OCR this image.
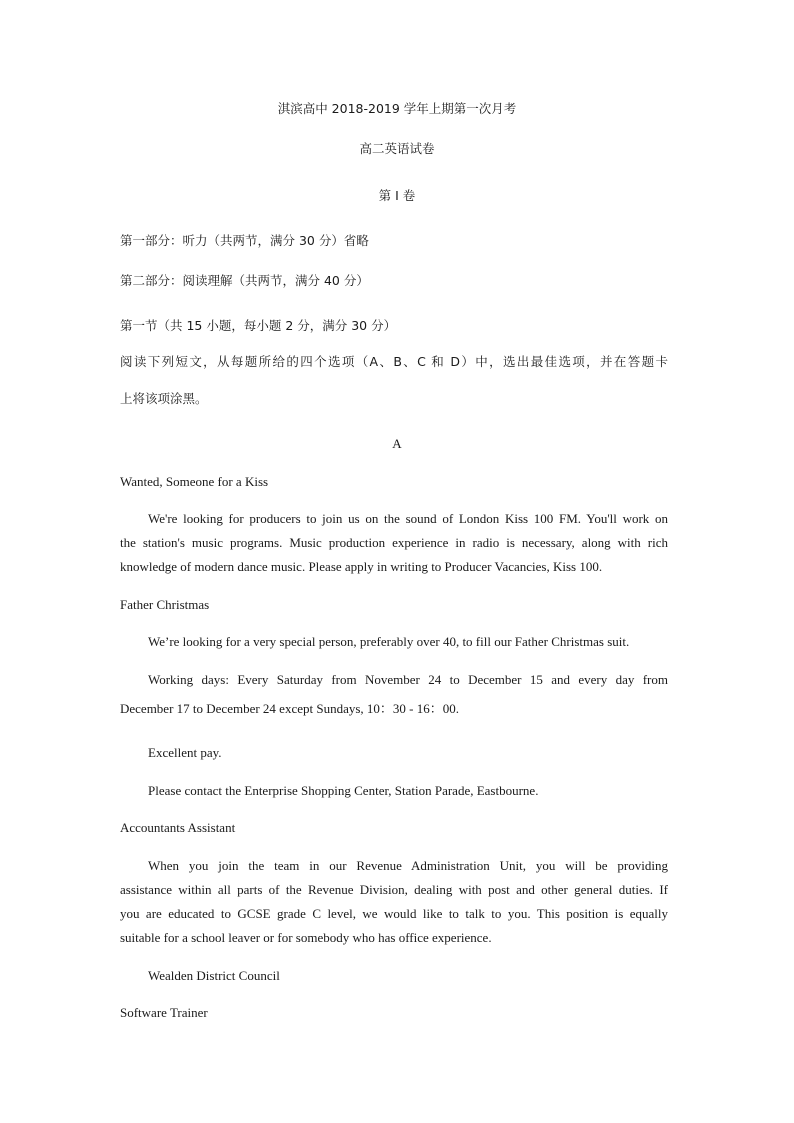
淇滨高中 2018-2019 学年上期第一次月考
高二英语试卷
第 Ⅰ 卷
第一部分：听力（共两节，满分 30 分）省略
第二部分：阅读理解（共两节，满分 40 分）
第一节（共 15 小题，每小题 2 分，满分 30 分）
阅读下列短文，从每题所给的四个选项（A、B、C 和 D）中，选出最佳选项，并在答题卡
上将该项涂黑。
A
Wanted, Someone for a Kiss
We're looking for producers to join us on the sound of London Kiss 100 FM. You'll work on
the station's music programs. Music production experience in radio is necessary, along with rich
knowledge of modern dance music. Please apply in writing to Producer Vacancies, Kiss 100.
Father Christmas
We’re looking for a very special person, preferably over 40, to fill our Father Christmas suit.
Working days: Every Saturday from November 24 to December 15 and every day from
December 17 to December 24 except Sundays, 10：30 - 16：00.
Excellent pay.
Please contact the Enterprise Shopping Center, Station Parade, Eastbourne.
Accountants Assistant
When you join the team in our Revenue Administration Unit, you will be providing
assistance within all parts of the Revenue Division, dealing with post and other general duties. If
you are educated to GCSE grade C level, we would like to talk to you. This position is equally
suitable for a school leaver or for somebody who has office experience.
Wealden District Council
Software Trainer
